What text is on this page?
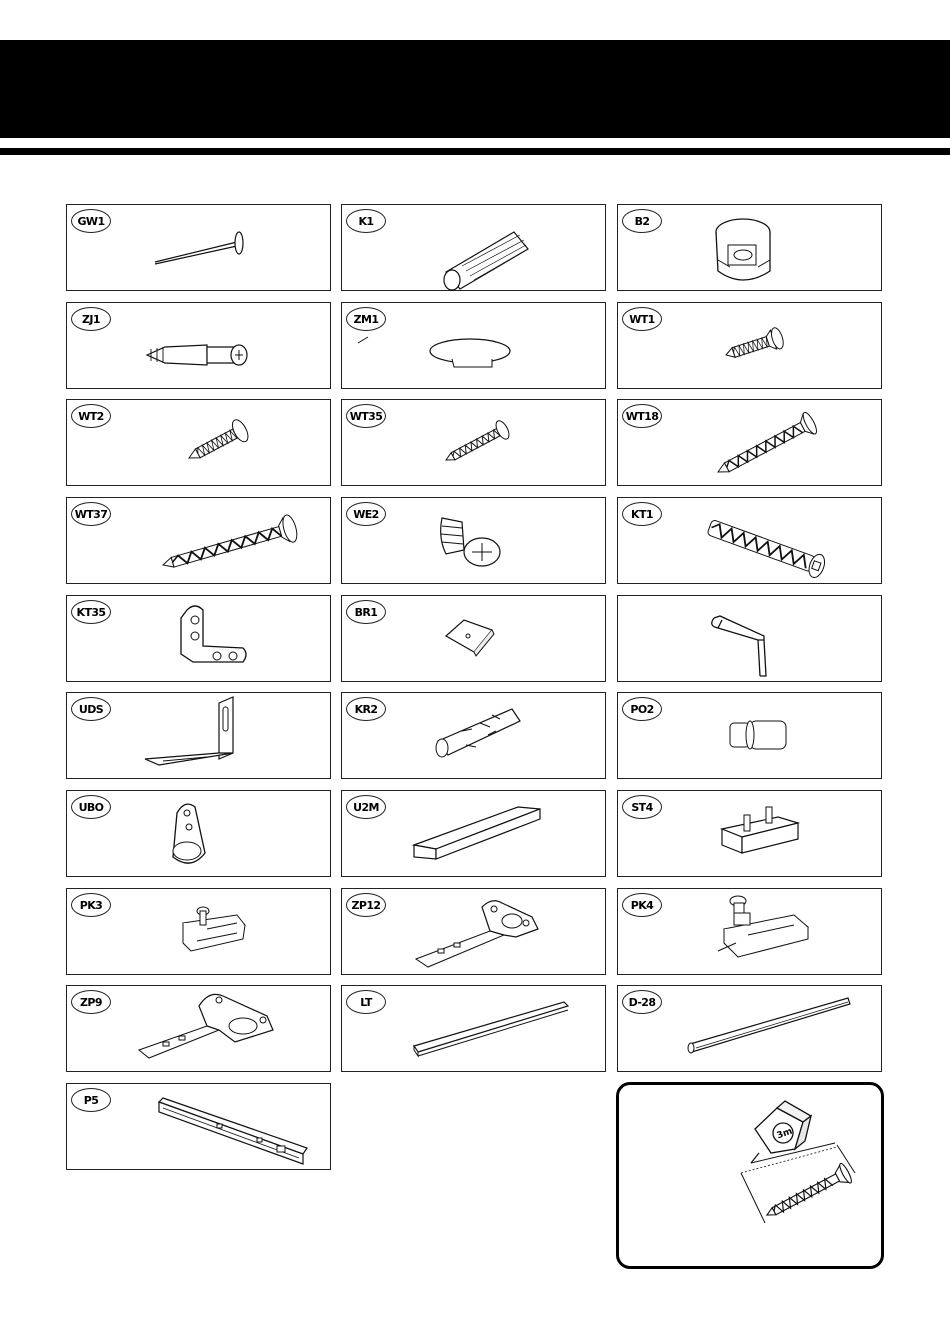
GW1	K1	B2
ZJ1	ZM1	WT1
WT2	WT35	WT18
WT37	WE2	KT1
KT35	BR1
UDS	KR2	PO2
UBO	U2M	ST4
PK3	ZP12	PK4
ZP9	LT	D-28
P5
3m
